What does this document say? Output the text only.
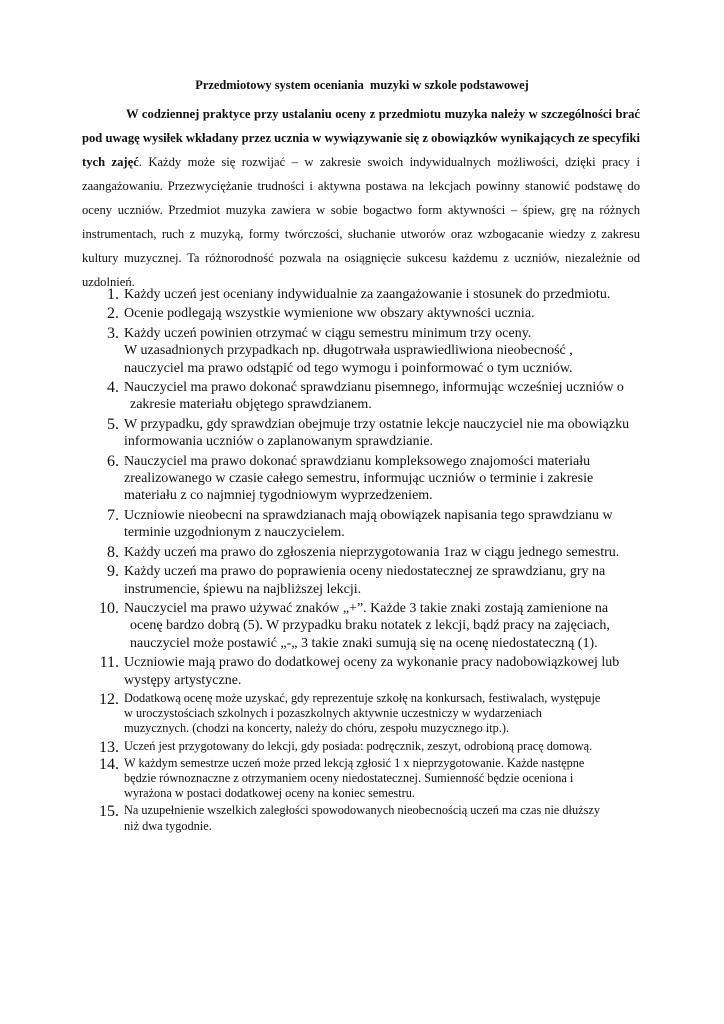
Przedmiotowy system oceniania  muzyki w szkole podstawowej

W codziennej praktyce przy ustalaniu oceny z przedmiotu muzyka należy w szczególności brać pod uwagę wysiłek wkładany przez ucznia w wywiązywanie się z obowiązków wynikających ze specyfiki tych zajęć. Każdy może się rozwijać – w zakresie swoich indywidualnych możliwości, dzięki pracy i zaangażowaniu. Przezwyciężanie trudności i aktywna postawa na lekcjach powinny stanowić podstawę do oceny uczniów. Przedmiot muzyka zawiera w sobie bogactwo form aktywności – śpiew, grę na różnych instrumentach, ruch z muzyką, formy twórczości, słuchanie utworów oraz wzbogacanie wiedzy z zakresu kultury muzycznej. Ta różnorodność pozwala na osiągnięcie sukcesu każdemu z uczniów, niezależnie od uzdolnień.

1. Każdy uczeń jest oceniany indywidualnie za zaangażowanie i stosunek do przedmiotu.
2. Ocenie podlegają wszystkie wymienione ww obszary aktywności ucznia.
3. Każdy uczeń powinien otrzymać w ciągu semestru minimum trzy oceny.
W uzasadnionych przypadkach np. długotrwała usprawiedliwiona nieobecność ,
nauczyciel ma prawo odstąpić od tego wymogu i poinformować o tym uczniów.
4. Nauczyciel ma prawo dokonać sprawdzianu pisemnego, informując wcześniej uczniów o
zakresie materiału objętego sprawdzianem.
5. W przypadku, gdy sprawdzian obejmuje trzy ostatnie lekcje nauczyciel nie ma obowiązku
informowania uczniów o zaplanowanym sprawdzianie.
6. Nauczyciel ma prawo dokonać sprawdzianu kompleksowego znajomości materiału
zrealizowanego w czasie całego semestru, informując uczniów o terminie i zakresie
materiału z co najmniej tygodniowym wyprzedzeniem.
7. Uczniowie nieobecni na sprawdzianach mają obowiązek napisania tego sprawdzianu w
terminie uzgodnionym z nauczycielem.
8. Każdy uczeń ma prawo do zgłoszenia nieprzygotowania 1raz w ciągu jednego semestru.
9. Każdy uczeń ma prawo do poprawienia oceny niedostatecznej ze sprawdzianu, gry na
instrumencie, śpiewu na najbliższej lekcji.
10. Nauczyciel ma prawo używać znaków „+”. Każde 3 takie znaki zostają zamienione na
ocenę bardzo dobrą (5). W przypadku braku notatek z lekcji, bądź pracy na zajęciach,
nauczyciel może postawić „-„ 3 takie znaki sumują się na ocenę niedostateczną (1).
11. Uczniowie mają prawo do dodatkowej oceny za wykonanie pracy nadobowiązkowej lub
występy artystyczne.
12. Dodatkową ocenę może uzyskać, gdy reprezentuje szkołę na konkursach, festiwalach, występuje
w uroczystościach szkolnych i pozaszkolnych aktywnie uczestniczy w wydarzeniach
muzycznych. (chodzi na koncerty, należy do chóru, zespołu muzycznego itp.).
13. Uczeń jest przygotowany do lekcji, gdy posiada: podręcznik, zeszyt, odrobioną pracę domową.
14. W każdym semestrze uczeń może przed lekcją zgłosić 1 x nieprzygotowanie. Każde następne
będzie równoznaczne z otrzymaniem oceny niedostatecznej. Sumienność będzie oceniona i
wyrażona w postaci dodatkowej oceny na koniec semestru.
15. Na uzupełnienie wszelkich zaległości spowodowanych nieobecnością uczeń ma czas nie dłuższy
niż dwa tygodnie.
